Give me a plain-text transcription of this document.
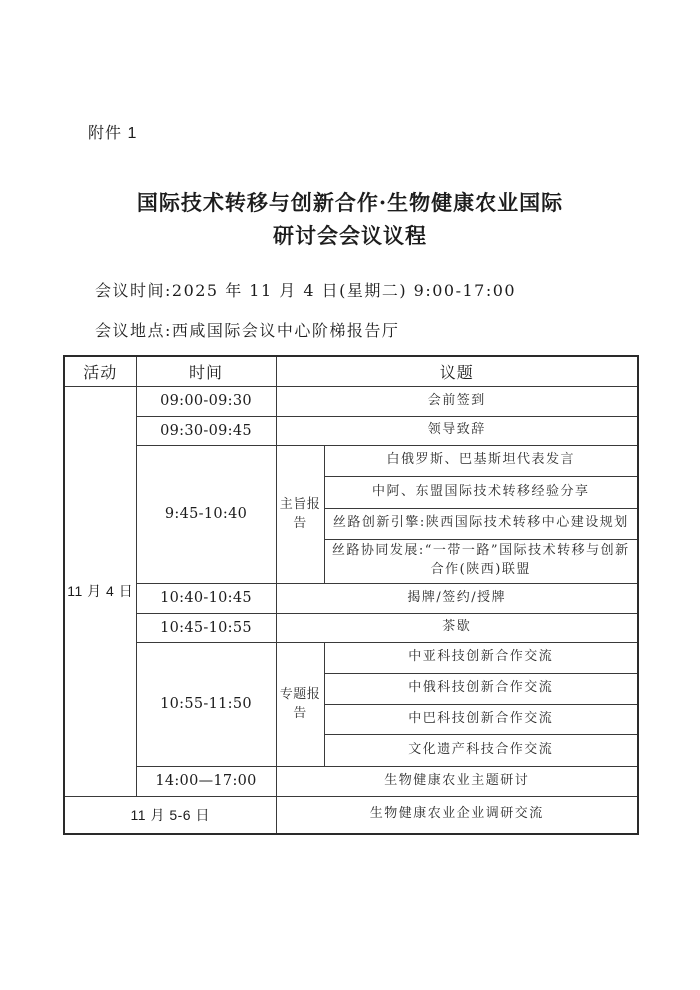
附件 1
国际技术转移与创新合作·生物健康农业国际
研讨会会议议程
会议时间:2025 年 11 月 4 日(星期二) 9:00-17:00
会议地点:西咸国际会议中心阶梯报告厅
活动	时间	议题	
11 月 4 日	09:00-09:30	会前签到	
	09:30-09:45	领导致辞	
	9:45-10:40	主旨报告	白俄罗斯、巴基斯坦代表发言
			中阿、东盟国际技术转移经验分享
			丝路创新引擎:陕西国际技术转移中心建设规划
			丝路协同发展:“一带一路”国际技术转移与创新合作(陕西)联盟
	10:40-10:45	揭牌/签约/授牌	
	10:45-10:55	茶歇	
	10:55-11:50	专题报告	中亚科技创新合作交流
			中俄科技创新合作交流
			中巴科技创新合作交流
			文化遗产科技合作交流
	14:00—17:00	生物健康农业主题研讨	
11 月 5-6 日		生物健康农业企业调研交流	
